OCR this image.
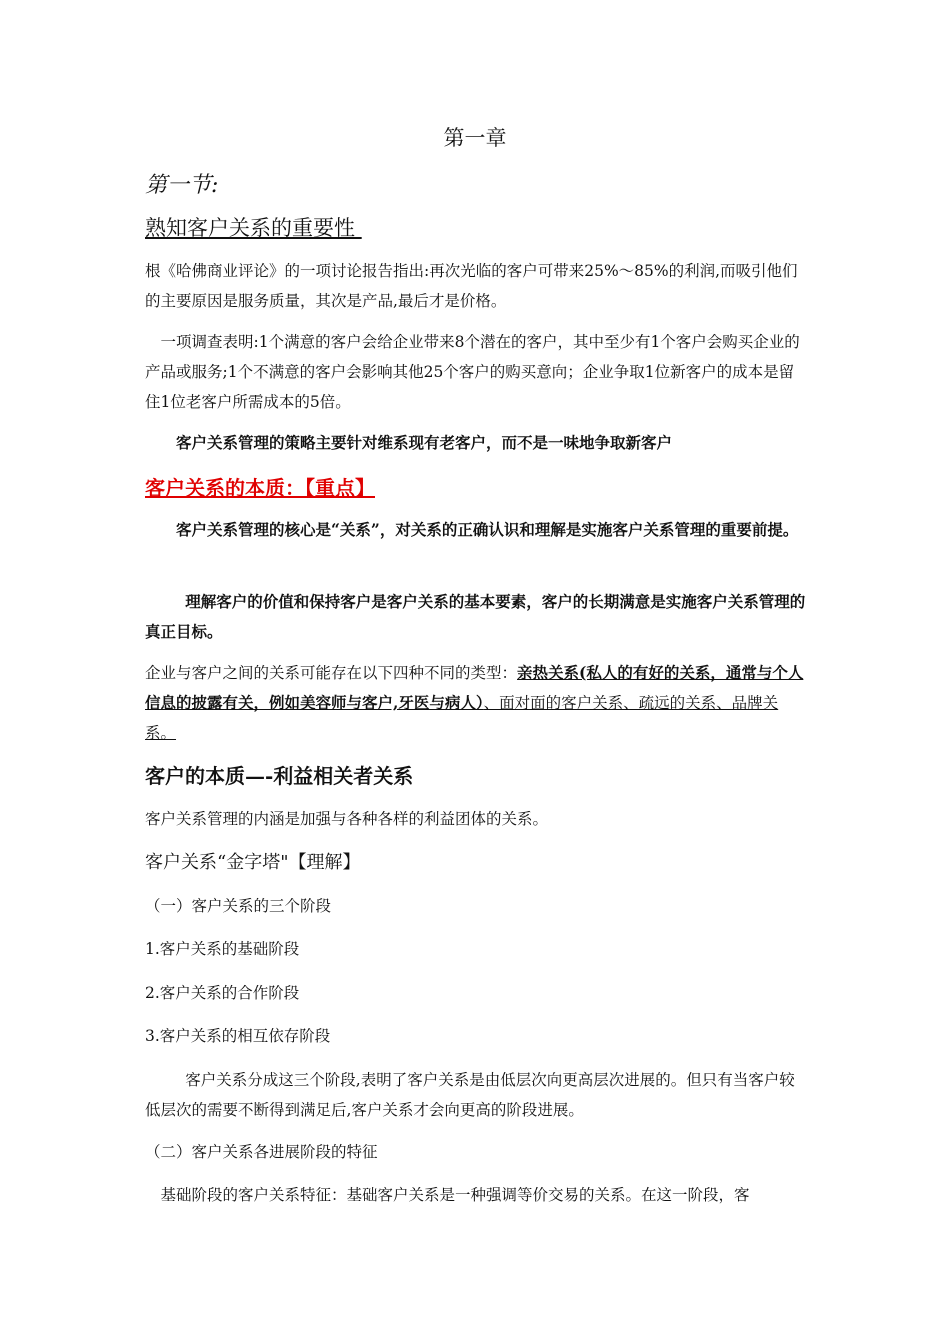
第一章
第一节:
熟知客户关系的重要性

根《哈佛商业评论》的一项讨论报告指出:再次光临的客户可带来25%～85%的利润,而吸引他们的主要原因是服务质量，其次是产品,最后才是价格。

一项调查表明:1个满意的客户会给企业带来8个潜在的客户，其中至少有1个客户会购买企业的产品或服务;1个不满意的客户会影响其他25个客户的购买意向；企业争取1位新客户的成本是留住1位老客户所需成本的5倍。

客户关系管理的策略主要针对维系现有老客户，而不是一味地争取新客户

客户关系的本质：【重点】

客户关系管理的核心是“关系”，对关系的正确认识和理解是实施客户关系管理的重要前提。

理解客户的价值和保持客户是客户关系的基本要素，客户的长期满意是实施客户关系管理的真正目标。

企业与客户之间的关系可能存在以下四种不同的类型：亲热关系(私人的有好的关系，通常与个人信息的披露有关，例如美容师与客户,牙医与病人）、面对面的客户关系、疏远的关系、品牌关系。

客户的本质—-利益相关者关系

客户关系管理的内涵是加强与各种各样的利益团体的关系。

客户关系“金字塔"【理解】

（一）客户关系的三个阶段

1.客户关系的基础阶段

2.客户关系的合作阶段

3.客户关系的相互依存阶段

客户关系分成这三个阶段,表明了客户关系是由低层次向更高层次进展的。但只有当客户较低层次的需要不断得到满足后,客户关系才会向更高的阶段进展。

（二）客户关系各进展阶段的特征

基础阶段的客户关系特征：基础客户关系是一种强调等价交易的关系。在这一阶段，客
